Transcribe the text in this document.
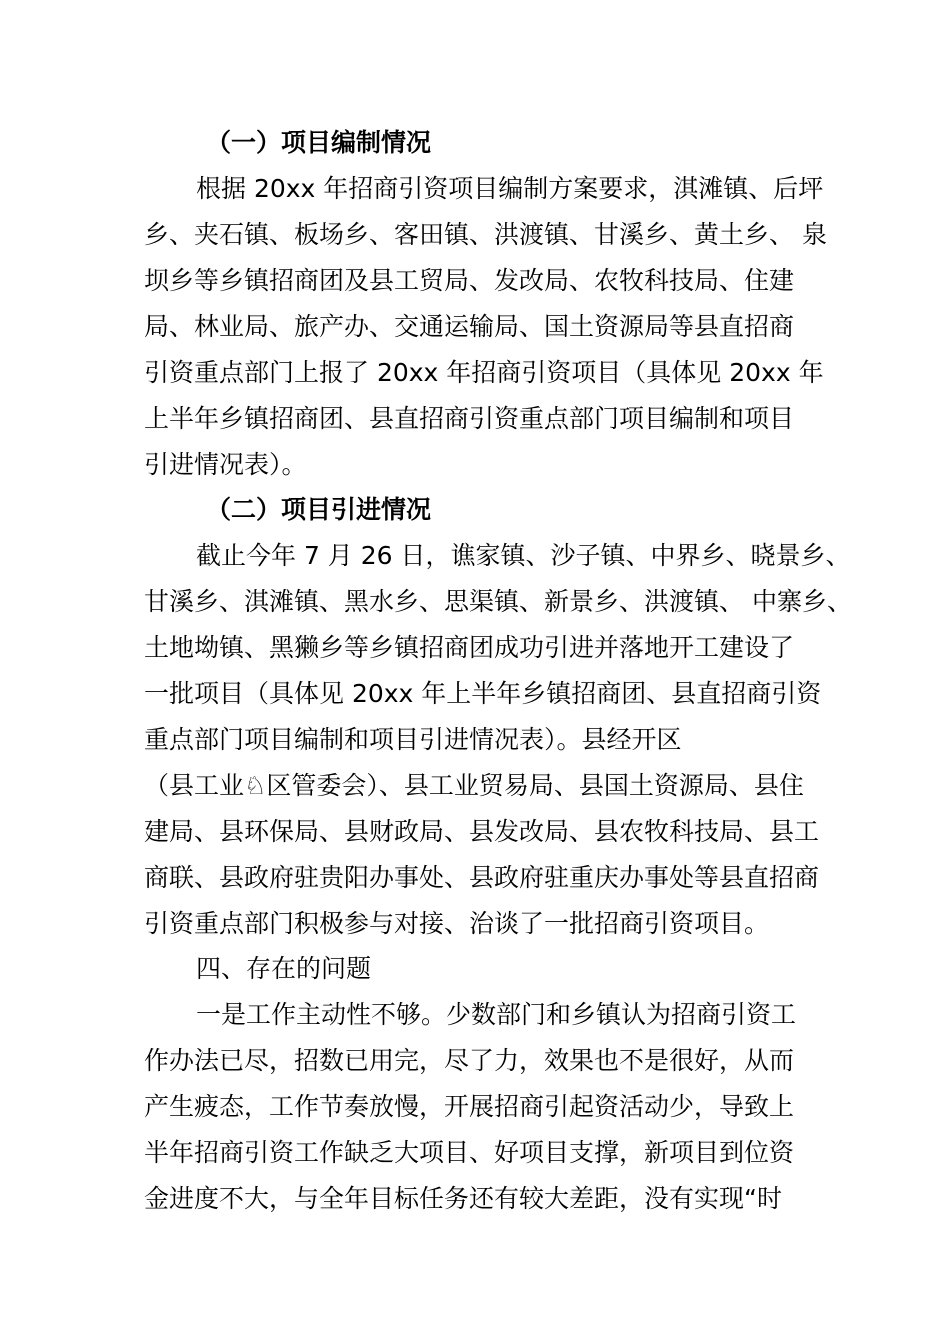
（一）项目编制情况
根据 20xx 年招商引资项目编制方案要求，淇滩镇、后坪
乡、夹石镇、板场乡、客田镇、洪渡镇、甘溪乡、黄土乡、 泉
坝乡等乡镇招商团及县工贸局、发改局、农牧科技局、住建
局、林业局、旅产办、交通运输局、国土资源局等县直招商
引资重点部门上报了 20xx 年招商引资项目（具体见 20xx 年
上半年乡镇招商团、县直招商引资重点部门项目编制和项目
引进情况表）。
（二）项目引进情况
截止今年 7 月 26 日，谯家镇、沙子镇、中界乡、晓景乡、
甘溪乡、淇滩镇、黑水乡、思渠镇、新景乡、洪渡镇、 中寨乡、
土地坳镇、黑獭乡等乡镇招商团成功引进并落地开工建设了
一批项目（具体见 20xx 年上半年乡镇招商团、县直招商引资
重点部门项目编制和项目引进情况表）。县经开区
（县工业♘区管委会）、县工业贸易局、县国土资源局、县住
建局、县环保局、县财政局、县发改局、县农牧科技局、县工
商联、县政府驻贵阳办事处、县政府驻重庆办事处等县直招商
引资重点部门积极参与对接、治谈了一批招商引资项目。
四、存在的问题
一是工作主动性不够。少数部门和乡镇认为招商引资工
作办法已尽，招数已用完，尽了力，效果也不是很好，从而
产生疲态，工作节奏放慢，开展招商引起资活动少，导致上
半年招商引资工作缺乏大项目、好项目支撑，新项目到位资
金进度不大，与全年目标任务还有较大差距，没有实现“时
